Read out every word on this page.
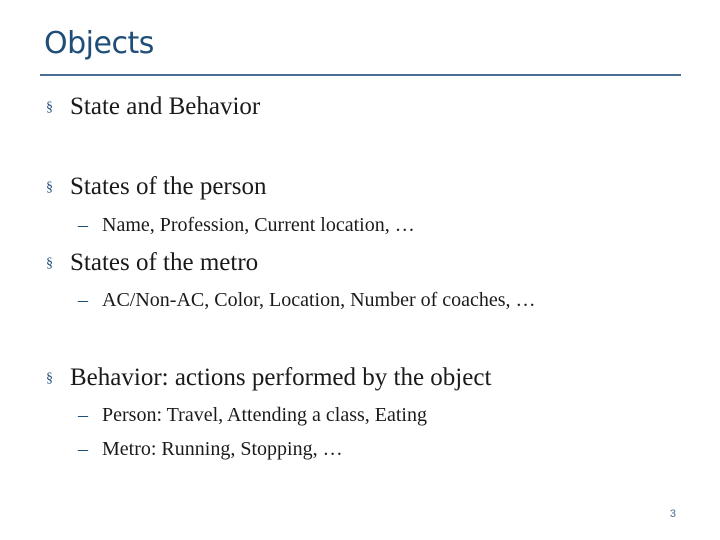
Objects
§ State and Behavior
§ States of the person
– Name, Profession, Current location, …
§ States of the metro
– AC/Non-AC, Color, Location, Number of coaches, …
§ Behavior: actions performed by the object
– Person: Travel, Attending a class, Eating
– Metro: Running, Stopping, …
3
